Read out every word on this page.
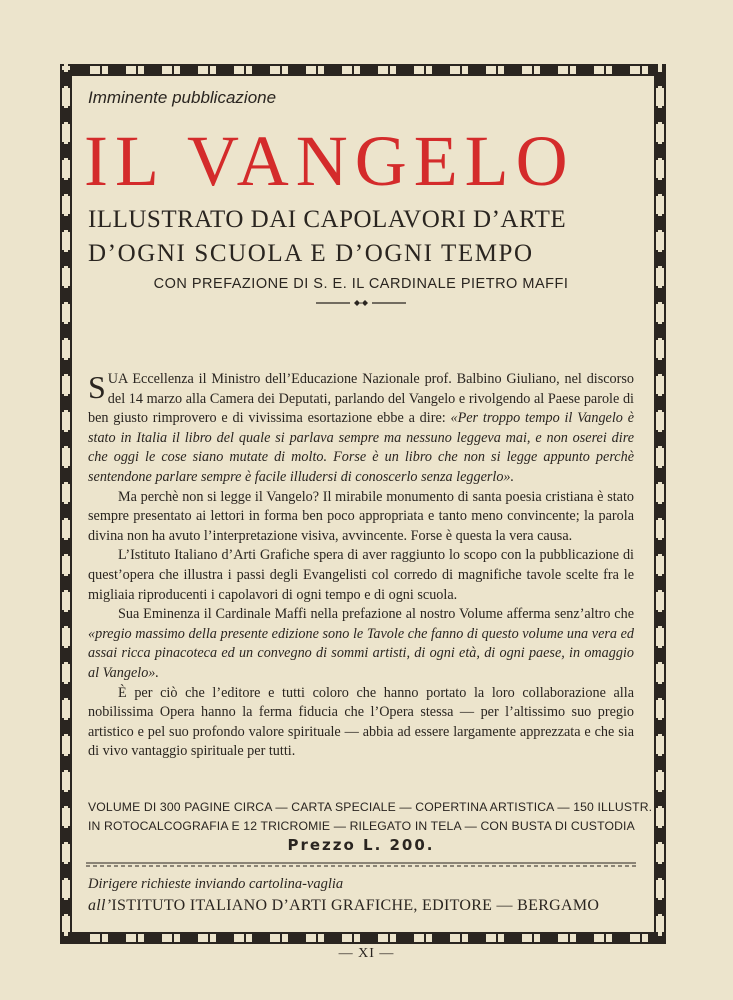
Imminente pubblicazione
IL VANGELO
ILLUSTRATO DAI CAPOLAVORI D’ARTE
D’OGNI SCUOLA E D’OGNI TEMPO
CON PREFAZIONE DI S. E. IL CARDINALE PIETRO MAFFI

SUA Eccellenza il Ministro dell’Educazione Nazionale prof. Balbino Giuliano, nel discorso del 14 marzo alla Camera dei Deputati, parlando del Vangelo e rivolgendo al Paese parole di ben giusto rimprovero e di vivissima esortazione ebbe a dire: «Per troppo tempo il Vangelo è stato in Italia il libro del quale si parlava sempre ma nessuno leggeva mai, e non oserei dire che oggi le cose siano mutate di molto. Forse è un libro che non si legge appunto perchè sentendone parlare sempre è facile illudersi di conoscerlo senza leggerlo».

Ma perchè non si legge il Vangelo? Il mirabile monumento di santa poesia cristiana è stato sempre presentato ai lettori in forma ben poco appropriata e tanto meno convincente; la parola divina non ha avuto l’interpretazione visiva, avvincente. Forse è questa la vera causa.

L’Istituto Italiano d’Arti Grafiche spera di aver raggiunto lo scopo con la pubblicazione di quest’opera che illustra i passi degli Evangelisti col corredo di magnifiche tavole scelte fra le migliaia riproducenti i capolavori di ogni tempo e di ogni scuola.

Sua Eminenza il Cardinale Maffi nella prefazione al nostro Volume afferma senz’altro che «pregio massimo della presente edizione sono le Tavole che fanno di questo volume una vera ed assai ricca pinacoteca ed un convegno di sommi artisti, di ogni età, di ogni paese, in omaggio al Vangelo».

È per ciò che l’editore e tutti coloro che hanno portato la loro collaborazione alla nobilissima Opera hanno la ferma fiducia che l’Opera stessa — per l’altissimo suo pregio artistico e pel suo profondo valore spirituale — abbia ad essere largamente apprezzata e che sia di vivo vantaggio spirituale per tutti.

VOLUME DI 300 PAGINE CIRCA — CARTA SPECIALE — COPERTINA ARTISTICA — 150 ILLUSTR.
IN ROTOCALCOGRAFIA E 12 TRICROMIE — RILEGATO IN TELA — CON BUSTA DI CUSTODIA
Prezzo L. 200.
Dirigere richieste inviando cartolina-vaglia
all’ISTITUTO ITALIANO D’ARTI GRAFICHE, EDITORE — BERGAMO
— XI —
